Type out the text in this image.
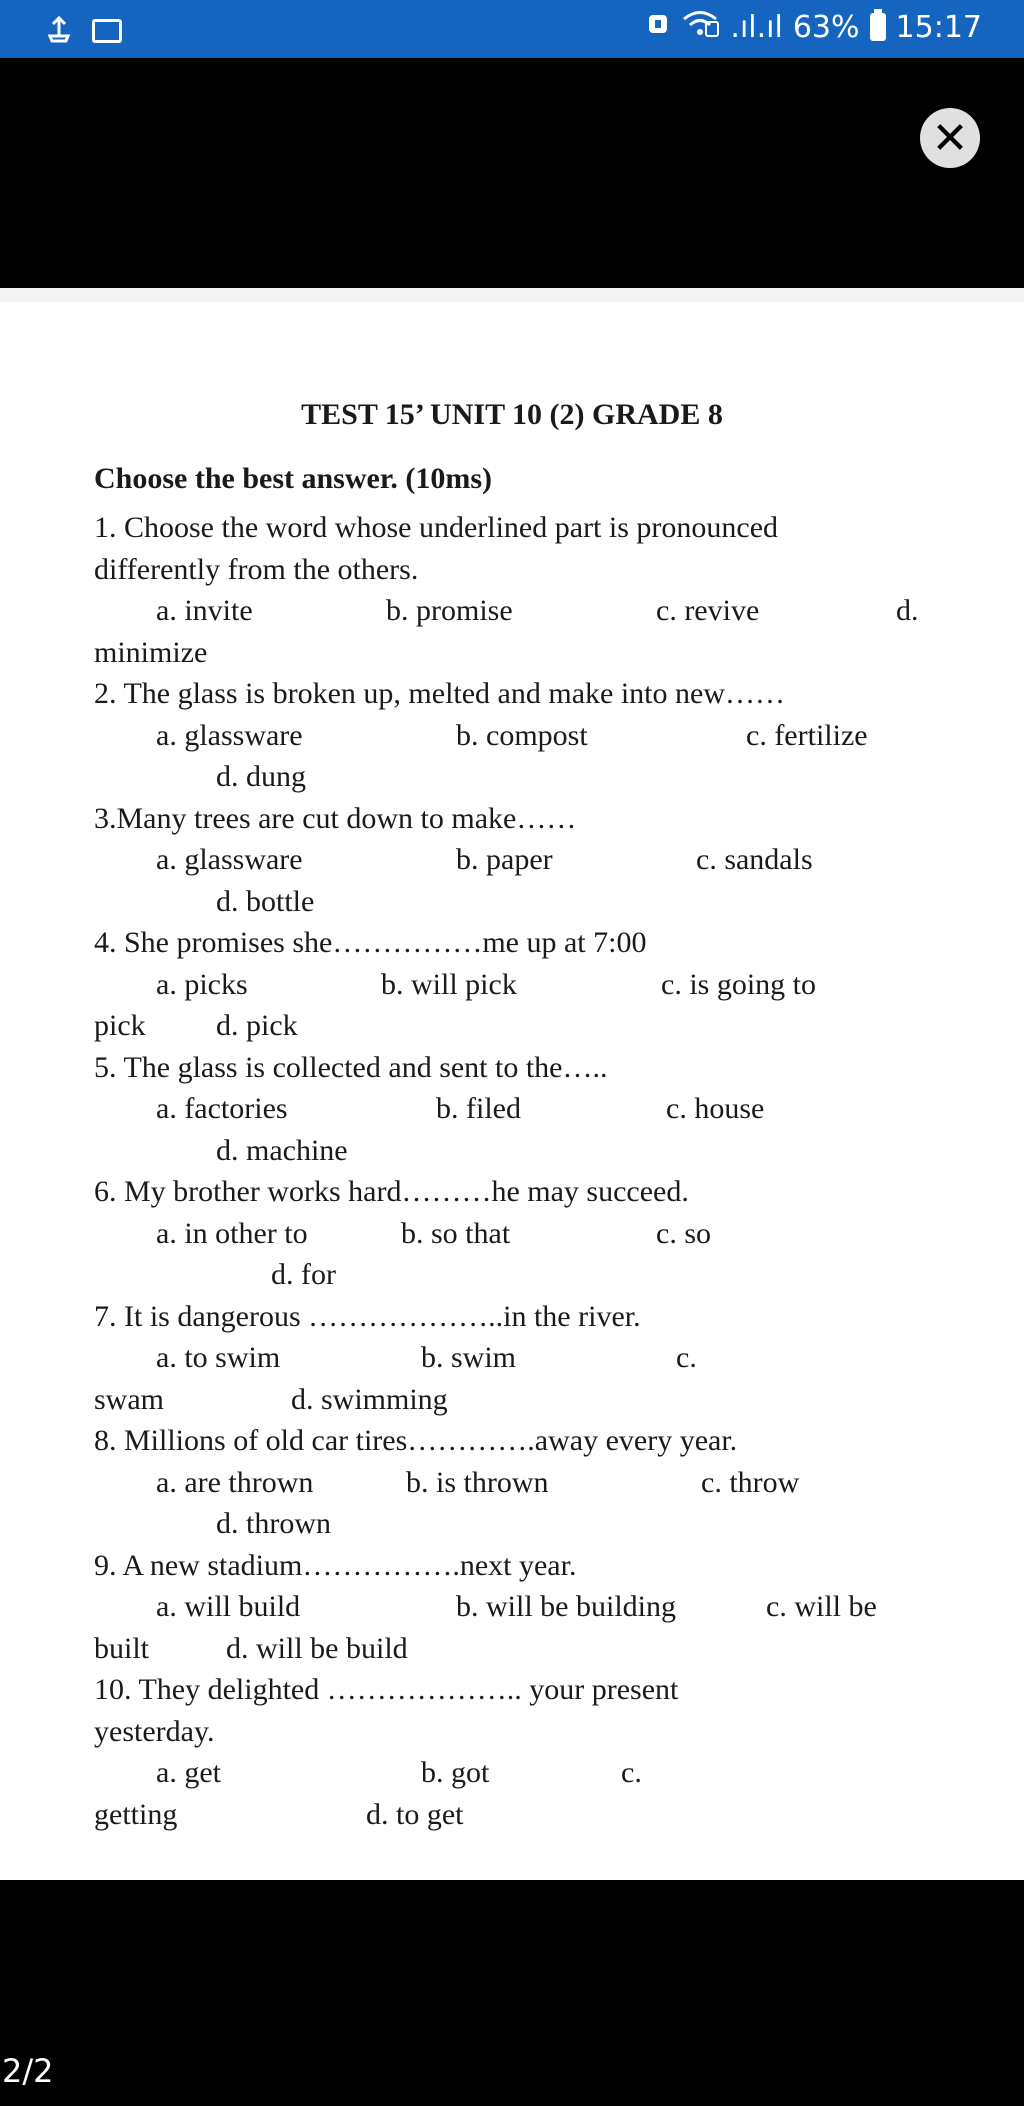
.ıl.ıl 63% 15:17
✕
TEST 15’ UNIT 10 (2) GRADE 8
Choose the best answer. (10ms)
1. Choose the word whose underlined part is pronounced
differently from the others.
a. invite	b. promise	c. revive	d.
minimize
2. The glass is broken up, melted and make into new……
a. glassware	b. compost	c. fertilize
d. dung
3.Many trees are cut down to make……
a. glassware	b. paper	c. sandals
d. bottle
4. She promises she……………me up at 7:00
a. picks	b. will pick	c. is going to
pick d. pick
5. The glass is collected and sent to the…..
a. factories	b. filed	c. house
d. machine
6. My brother works hard………he may succeed.
a. in other to	b. so that	c. so
d. for
7. It is dangerous ………………..in the river.
a. to swim	b. swim	c.
swam	d. swimming
8. Millions of old car tires………….away every year.
a. are thrown	b. is thrown	c. throw
d. thrown
9. A new stadium…………….next year.
a. will build	b. will be building	c. will be
built	d. will be build
10. They delighted ……………….. your present
yesterday.
a. get	b. got	c.
getting	d. to get
2/2
